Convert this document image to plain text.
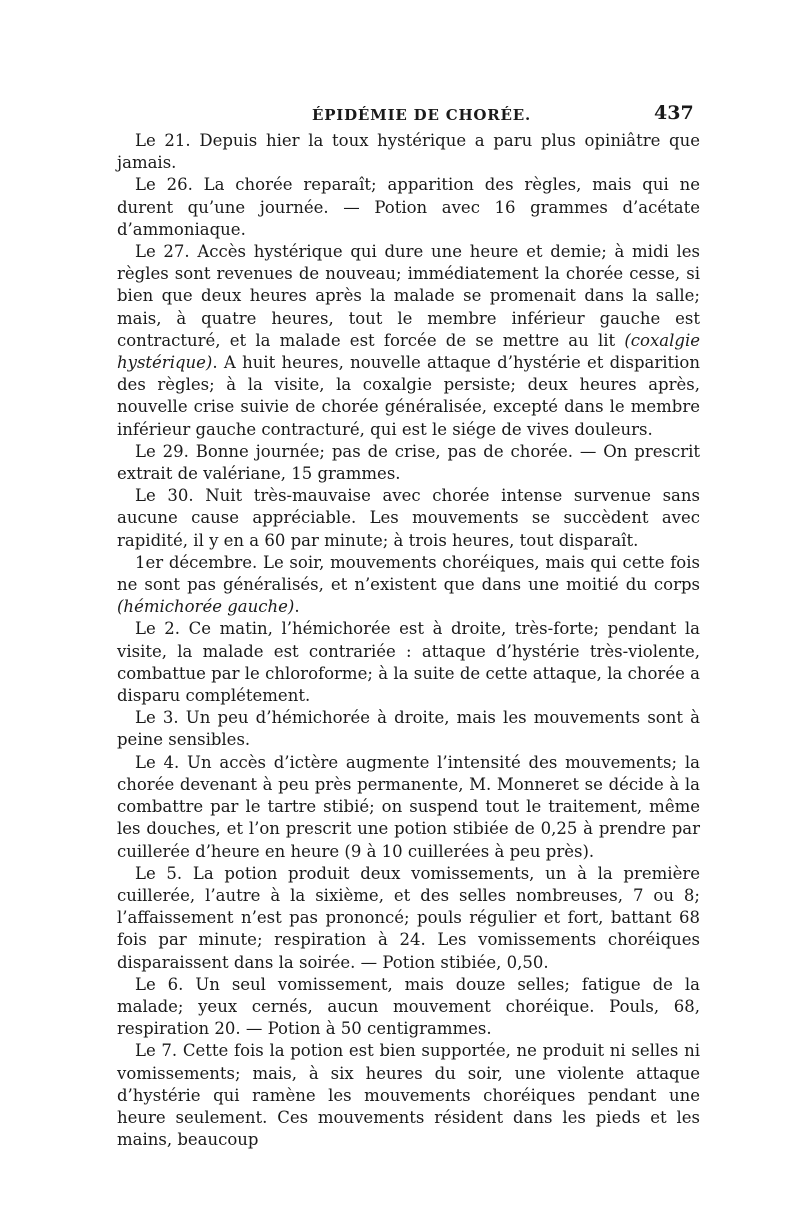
ÉPIDÉMIE DE CHORÉE.	437

Le 21. Depuis hier la toux hystérique a paru plus opiniâtre que jamais.

Le 26. La chorée reparaît; apparition des règles, mais qui ne durent qu’une journée. — Potion avec 16 grammes d’acétate d’ammoniaque.

Le 27. Accès hystérique qui dure une heure et demie; à midi les règles sont revenues de nouveau; immédiatement la chorée cesse, si bien que deux heures après la malade se promenait dans la salle; mais, à quatre heures, tout le membre inférieur gauche est contracturé, et la malade est forcée de se mettre au lit (coxalgie hystérique). A huit heures, nouvelle attaque d’hystérie et disparition des règles; à la visite, la coxalgie persiste; deux heures après, nouvelle crise suivie de chorée généralisée, excepté dans le membre inférieur gauche contracturé, qui est le siége de vives douleurs.

Le 29. Bonne journée; pas de crise, pas de chorée. — On prescrit extrait de valériane, 15 grammes.

Le 30. Nuit très-mauvaise avec chorée intense survenue sans aucune cause appréciable. Les mouvements se succèdent avec rapidité, il y en a 60 par minute; à trois heures, tout disparaît.

1er décembre. Le soir, mouvements choréiques, mais qui cette fois ne sont pas généralisés, et n’existent que dans une moitié du corps (hémichorée gauche).

Le 2. Ce matin, l’hémichorée est à droite, très-forte; pendant la visite, la malade est contrariée : attaque d’hystérie très-violente, combattue par le chloroforme; à la suite de cette attaque, la chorée a disparu complétement.

Le 3. Un peu d’hémichorée à droite, mais les mouvements sont à peine sensibles.

Le 4. Un accès d’ictère augmente l’intensité des mouvements; la chorée devenant à peu près permanente, M. Monneret se décide à la combattre par le tartre stibié; on suspend tout le traitement, même les douches, et l’on prescrit une potion stibiée de 0,25 à prendre par cuillerée d’heure en heure (9 à 10 cuillerées à peu près).

Le 5. La potion produit deux vomissements, un à la première cuillerée, l’autre à la sixième, et des selles nombreuses, 7 ou 8; l’affaissement n’est pas prononcé; pouls régulier et fort, battant 68 fois par minute; respiration à 24. Les vomissements choréiques disparaissent dans la soirée. — Potion stibiée, 0,50.

Le 6. Un seul vomissement, mais douze selles; fatigue de la malade; yeux cernés, aucun mouvement choréique. Pouls, 68, respiration 20. — Potion à 50 centigrammes.

Le 7. Cette fois la potion est bien supportée, ne produit ni selles ni vomissements; mais, à six heures du soir, une violente attaque d’hystérie qui ramène les mouvements choréiques pendant une heure seulement. Ces mouvements résident dans les pieds et les mains, beaucoup
